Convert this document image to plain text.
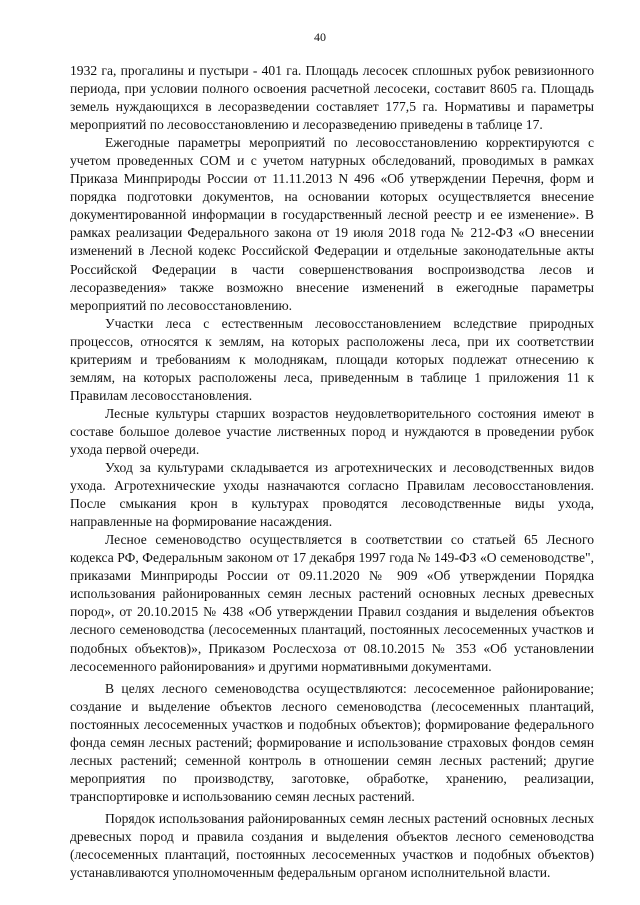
40

1932 га, прогалины и пустыри - 401 га. Площадь лесосек сплошных рубок ревизионного периода, при условии полного освоения расчетной лесосеки, составит 8605 га. Площадь земель нуждающихся в лесоразведении составляет 177,5 га. Нормативы и параметры мероприятий по лесовосстановлению и лесоразведению приведены в таблице 17.

Ежегодные параметры мероприятий по лесовосстановлению корректируются с учетом проведенных СОМ и с учетом натурных обследований, проводимых в рамках Приказа Минприроды России от 11.11.2013 N 496 «Об утверждении Перечня, форм и порядка подготовки документов, на основании которых осуществляется внесение документированной информации в государственный лесной реестр и ее изменение». В рамках реализации Федерального закона от 19 июля 2018 года № 212-ФЗ «О внесении изменений в Лесной кодекс Российской Федерации и отдельные законодательные акты Российской Федерации в части совершенствования воспроизводства лесов и лесоразведения» также возможно внесение изменений в ежегодные параметры мероприятий по лесовосстановлению.

Участки леса с естественным лесовосстановлением вследствие природных процессов, относятся к землям, на которых расположены леса, при их соответствии критериям и требованиям к молоднякам, площади которых подлежат отнесению к землям, на которых расположены леса, приведенным в таблице 1 приложения 11 к Правилам лесовосстановления.

Лесные культуры старших возрастов неудовлетворительного состояния имеют в составе большое долевое участие лиственных пород и нуждаются в проведении рубок ухода первой очереди.

Уход за культурами складывается из агротехнических и лесоводственных видов ухода. Агротехнические уходы назначаются согласно Правилам лесовосстановления. После смыкания крон в культурах проводятся лесоводственные виды ухода, направленные на формирование насаждения.

Лесное семеноводство осуществляется в соответствии со статьей 65 Лесного кодекса РФ, Федеральным законом от 17 декабря 1997 года № 149-ФЗ «О семеноводстве", приказами Минприроды России от 09.11.2020 № 909 «Об утверждении Порядка использования районированных семян лесных растений основных лесных древесных пород», от 20.10.2015 № 438 «Об утверждении Правил создания и выделения объектов лесного семеноводства (лесосеменных плантаций, постоянных лесосеменных участков и подобных объектов)», Приказом Рослесхоза от 08.10.2015 № 353 «Об установлении лесосеменного районирования» и другими нормативными документами.

В целях лесного семеноводства осуществляются: лесосеменное районирование; создание и выделение объектов лесного семеноводства (лесосеменных плантаций, постоянных лесосеменных участков и подобных объектов); формирование федерального фонда семян лесных растений; формирование и использование страховых фондов семян лесных растений; семенной контроль в отношении семян лесных растений; другие мероприятия по производству, заготовке, обработке, хранению, реализации, транспортировке и использованию семян лесных растений.

Порядок использования районированных семян лесных растений основных лесных древесных пород и правила создания и выделения объектов лесного семеноводства (лесосеменных плантаций, постоянных лесосеменных участков и подобных объектов) устанавливаются уполномоченным федеральным органом исполнительной власти.
